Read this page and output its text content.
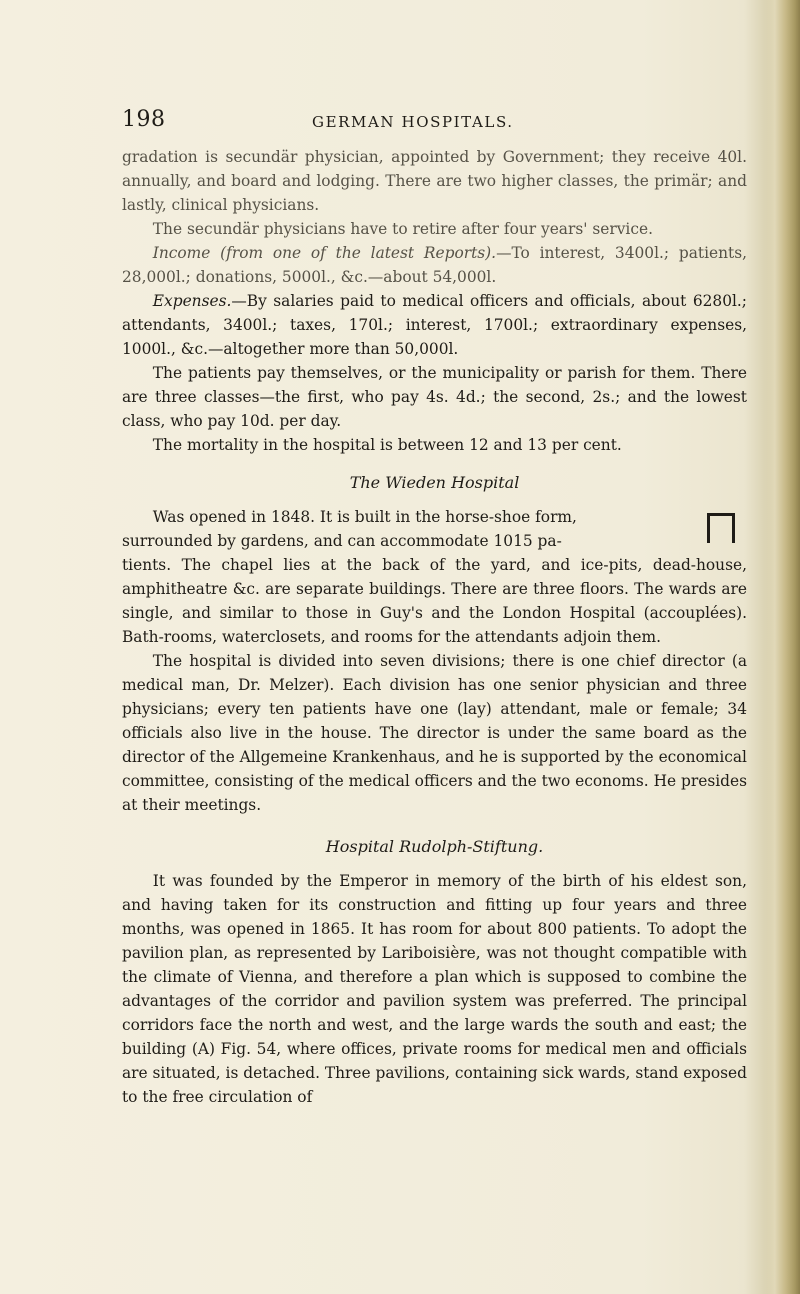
198	GERMAN HOSPITALS.

gradation is secundär physician, appointed by Government; they receive 40l. annually, and board and lodging. There are two higher classes, the primär; and lastly, clinical physicians.

The secundär physicians have to retire after four years' service.

Income (from one of the latest Reports).—To interest, 3400l.; patients, 28,000l.; donations, 5000l., &c.—about 54,000l.

Expenses.—By salaries paid to medical officers and officials, about 6280l.; attendants, 3400l.; taxes, 170l.; interest, 1700l.; extraordinary expenses, 1000l., &c.—altogether more than 50,000l.

The patients pay themselves, or the municipality or parish for them. There are three classes—the first, who pay 4s. 4d.; the second, 2s.; and the lowest class, who pay 10d. per day.

The mortality in the hospital is between 12 and 13 per cent.

The Wieden Hospital

Was opened in 1848. It is built in the horse-shoe form,

surrounded by gardens, and can accommodate 1015 pa-

tients. The chapel lies at the back of the yard, and ice-pits, dead-house, amphitheatre &c. are separate buildings. There are three floors. The wards are single, and similar to those in Guy's and the London Hospital (accouplées). Bath-rooms, waterclosets, and rooms for the attendants adjoin them.

The hospital is divided into seven divisions; there is one chief director (a medical man, Dr. Melzer). Each division has one senior physician and three physicians; every ten patients have one (lay) attendant, male or female; 34 officials also live in the house. The director is under the same board as the director of the Allgemeine Krankenhaus, and he is supported by the economical committee, consisting of the medical officers and the two economs. He presides at their meetings.

Hospital Rudolph-Stiftung.

It was founded by the Emperor in memory of the birth of his eldest son, and having taken for its construction and fitting up four years and three months, was opened in 1865. It has room for about 800 patients. To adopt the pavilion plan, as represented by Lariboisière, was not thought compatible with the climate of Vienna, and therefore a plan which is supposed to combine the advantages of the corridor and pavilion system was preferred. The principal corridors face the north and west, and the large wards the south and east; the building (A) Fig. 54, where offices, private rooms for medical men and officials are situated, is detached. Three pavilions, containing sick wards, stand exposed to the free circulation of
